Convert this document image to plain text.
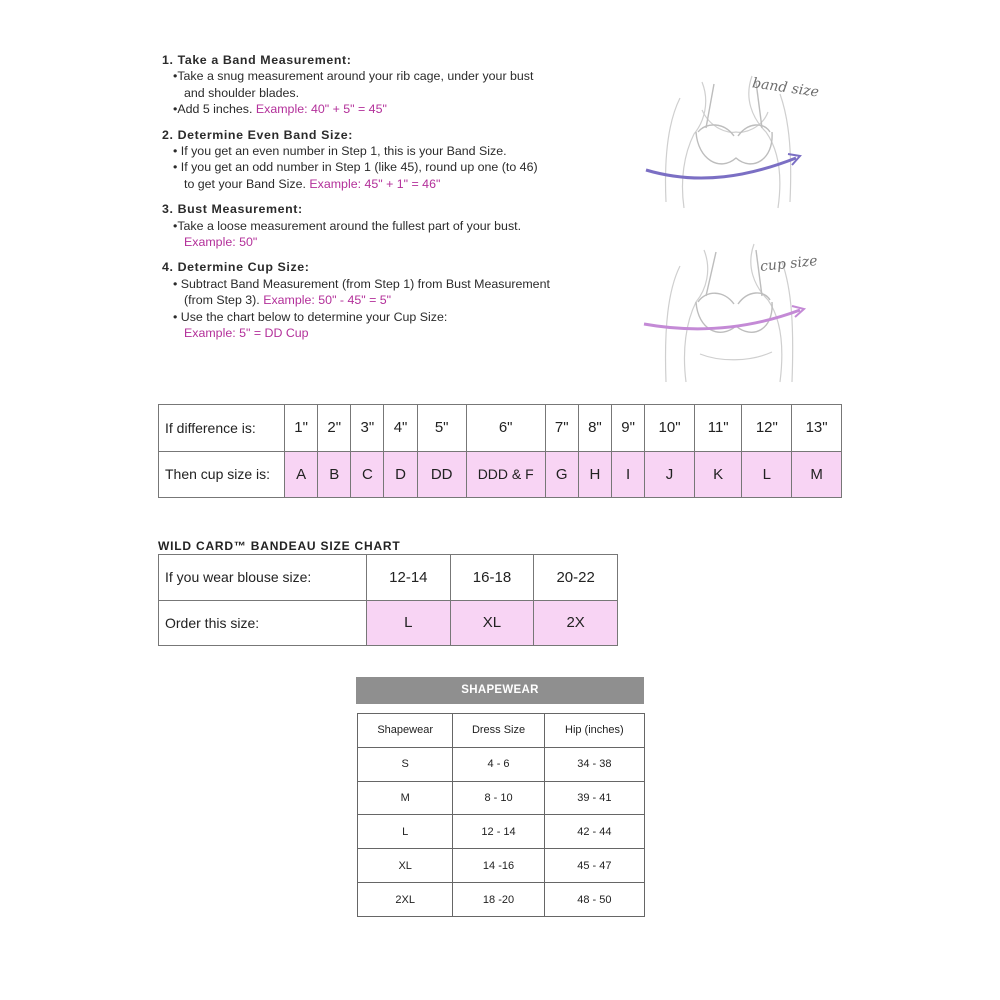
1. Take a Band Measurement:
•Take a snug measurement around your rib cage, under your bust
and shoulder blades.
•Add 5 inches. Example: 40" + 5" = 45"
2. Determine Even Band Size:
• If you get an even number in Step 1, this is your Band Size.
• If you get an odd number in Step 1 (like 45), round up one (to 46)
to get your Band Size. Example: 45" + 1" = 46"
3. Bust Measurement:
•Take a loose measurement around the fullest part of your bust.
Example: 50"
4. Determine Cup Size:
• Subtract Band Measurement (from Step 1) from Bust Measurement
(from Step 3). Example: 50" - 45" = 5"
• Use the chart below to determine your Cup Size:
Example: 5" = DD Cup
band size
cup size
If difference is:	1"	2"	3"	4"	5"	6"	7"	8"	9"	10"	11"	12"	13"
Then cup size is:	A	B	C	D	DD	DDD & F	G	H	I	J	K	L	M
WILD CARD™ BANDEAU SIZE CHART
If you wear blouse size:	12-14	16-18	20-22
Order this size:	L	XL	2X
SHAPEWEAR
Shapewear	Dress Size	Hip (inches)
S	4 - 6	34 - 38
M	8 - 10	39 - 41
L	12 - 14	42 - 44
XL	14 -16	45 - 47
2XL	18 -20	48 - 50
